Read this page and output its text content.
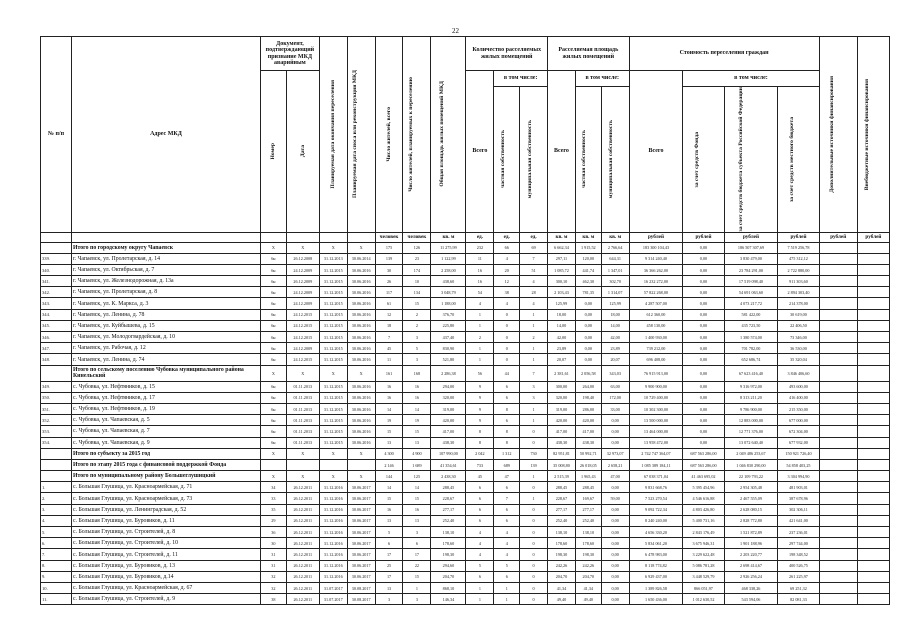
22
№ п/п	Адрес МКД	Документ, подтверждающий признание МКД аварийным		Планируемая дата окончания переселения	Планируемая дата сноса или реконструкции МКД	Число жителей, всего	Число жителей, планируемых к переселению	Общая площадь жилых помещений МКД	Количество расселяемых жилых помещений			Расселяемая площадь жилых помещений			Стоимость переселения граждан				Дополнительные источники финансирования	Внебюджетные источники финансирования

		Номер	Дата						Всего	в том числе:		Всего	в том числе:		Всего	в том числе:				

										частная собственность	муниципальная собственность		частная собственность	муниципальная собственность		за счет средств Фонда	за счет средств бюджета субъекта Российской Федерации	за счет средств местного бюджета		

						человек	человек	кв. м	ед.	ед.	ед.	кв. м	кв. м	кв. м	рублей	рублей	рублей	рублей	рублей	рублей
	Итого по городскому округу Чапаевск	X	X	X	X	175	126	11 275,99	232	66	69	6 662,34	1 915,52	2 766,64	183 300 104,43	0,00	186 507 307,69	7 519 256,78		
339.	г. Чапаевск, ул. Пролетарская, д. 14	6н	26.12.2008	31.12.2013	30.06.2014	139	23	1 122,99	11	4	7	297,11	120,00	644,31	9 314 240,40	0,00	3 830 479,00	475 312,12		
340.	г. Чапаевск, ул. Октябрьская, д. 7	6н	24.12.2009	31.12.2015	30.06.2016	30	174	2 258,00	16	20	51	1 085,72	441,74	1 347,01	36 366 262,00	0,00	23 784 291,00	2 722 880,00		
341.	г. Чапаевск, ул. Железнодорожная, д. 13а	6н	26.12.2009	31.12.2015	30.06.2016	26	10	438,60	16	12	4	300,10	462,30	302,70	16 232 272,00	0,00	17 519 098,40	911 303,60		
342.	г. Чапаевск, ул. Пролетарская, д. 8	6н	24.12.2009	31.12.2015	30.06.2016	117	134	3 048,79	54	38	28	2 103,43	781,35	1 314,07	57 822 268,00	0,00	54 691 063,60	2 894 303,40		
343.	г. Чапаевск, ул. К. Маркса, д. 3	6н	24.12.2009	31.12.2015	30.06.2016	61	15	1 188,00	4	4	4	125,99	0,00	125,99	4 287 507,00	0,00	4 073 217,72	214 378,00		
344.	г. Чапаевск, ул. Ленина, д. 78	6н	24.12.2015	31.12.2015	30.06.2016	12	2	376,70	1	0	1	18,00	0,00	18,00	612 360,00	0,00	581 422,00	30 619,00		
345.	г. Чапаевск, ул. Куйбышева, д. 15	6н	24.12.2015	31.12.2015	30.06.2016	18	2	225,80	1	0	1	14,00	0,00	14,00	458 130,00	0,00	435 723,50	22 406,50		
346.	г. Чапаевск, ул. Молодогвардейская, д. 10	6н	24.12.2015	31.12.2015	30.06.2016	7	3	437,40	2	0	2	42,00	0,00	42,00	1 400 930,00	0,00	1 380 574,00	73 346,00		
347.	г. Чапаевск, ул. Рабочая, д. 12	6н	24.12.2009	31.12.2015	30.06.2016	45	5	830,90	1	0	1	23,89	0,00	23,89	739 212,00	0,00	701 782,00	36 530,00		
348.	г. Чапаевск, ул. Ленина, д. 74	6н	24.12.2015	31.12.2015	30.06.2016	11	3	521,80	1	0	1	20,07	0,00	20,07	696 408,00	0,00	652 686,74	35 320,04		
	Итого по сельскому поселению Чубовка муниципального района Кинельский	X	X	X	X	161	168	2 286,38	56	44	7	2 381,61	2 056,58	343,03	76 915 913,00	0,00	67 623 416,40	3 846 406,60		
349.	с. Чубовка, ул. Нефтяников, д. 15	6н	01.11.2013	31.12.2015	30.06.2016	16	16	294,00	9	6	3	300,00	264,00	63,00	9 900 900,00	0,00	9 316 972,00	493 600,00		
350.	с. Чубовка, ул. Нефтяников, д. 17	6н	01.11.2013	31.12.2015	30.06.2016	16	16	320,00	9	6	3	320,00	198,40	172,00	10 729 400,00	0,00	8 313 211,20	416 400,00		
351.	с. Чубовка, ул. Нефтяников, д. 19	6н	01.11.2013	31.12.2015	30.06.2016	14	14	319,00	9	8	1	319,00	286,00	33,00	10 302 300,00	0,00	9 786 900,00	215 350,00		
352.	с. Чубовка, ул. Чапаевская, д. 5	6н	01.11.2013	31.12.2015	30.06.2016	19	19	420,00	9	6	1	420,00	420,00	0,00	13 500 000,00	0,00	12 883 000,00	677 000,00		
353.	с. Чубовка, ул. Чапаевская, д. 7	6н	01.11.2013	31.12.2015	30.06.2016	15	15	417,00	8	8	0	417,00	417,00	0,00	13 464 000,00	0,00	12 771 376,00	672 304,00		
354.	с. Чубовка, ул. Чапаевская, д. 9	6н	01.11.2013	31.12.2015	30.06.2016	13	13	438,30	8	8	0	438,30	438,30	0,00	13 958 472,00	0,00	13 072 640,40	677 932,00		
	Итого по субъекту за 2015 год	X	X	X	X	4 300	4 900	107 990,00	2 042	1 312	730	82 951,81	50 992,71	32 973,07	2 742 747 364,07	687 563 286,00	2 049 486 253,67	150 921 726,40		
	Итого по этапу 2015 года с финансовой поддержкой Фонда					2 146	1 689	41 354,61	733	689	139	35 008,80	26 018,05	2 658,21	1 085 389 184,11	687 563 286,00	1 046 830 290,00	54 858 403,25		
	Итого по муниципальному району Большеглушицкий	X	X	X	X	144	125	2 438,30	45	47	1	2 515,39	1 965,43	47,00	67 038 371,04	41 463 695,02	22 109 793,22	3 304 994,90		
1.	с. Большая Глушица, ул. Красноармейская, д. 71	34	26.12.2011	31.12.2016	30.06.2017	14	14	288,45	6	6	0	288,45	288,45	0,00	9 831 668,76	5 395 454,96	2 954 305,48	481 903,01		
2.	с. Большая Глушица, ул. Красноармейская, д. 73	33	26.12.2011	31.12.2016	30.06.2017	15	15	228,67	6	7	1	228,67	169,67	59,00	7 523 270,54	4 546 616,88	2 467 555,09	387 678,96		
3.	с. Большая Глушица, ул. Ленинградская, д. 52	35	26.12.2011	31.12.2016	30.06.2017	16	16	277,17	6	6	0	277,17	277,17	0,00	9 092 722,34	4 803 426,80	2 628 080,15	302 306,11		
4.	с. Большая Глушица, ул. Буровиков, д. 11	29	26.12.2011	31.12.2016	30.06.2017	13	13	252,40	6	6	0	252,40	252,40	0,00	8 240 240,00	5 400 731,16	2 828 772,80	421 641,00		
5.	с. Большая Глушица, ул. Строителей, д. 8	36	26.12.2011	31.12.2016	30.06.2017	5	3	138,10	4	4	0	138,10	138,10	0,00	4 656 330,20	2 843 176,49	1 521 872,89	237 236,01		
6.	с. Большая Глушица, ул. Строителей, д. 10	30	26.12.2011	31.12.2016	30.06.2017	6	6	178,60	4	4	0	178,60	178,60	0,00	5 834 061,20	3 675 946,31	1 901 188,96	297 744,00		
7.	с. Большая Глушица, ул. Строителей, д. 11	31	26.12.2011	31.12.2016	30.06.2017	17	17	198,30	4	4	0	198,30	198,30	0,00	6 478 983,00	3 229 622,48	2 203 220,77	198 348,52		
8.	с. Большая Глушица, ул. Буровиков, д. 13	31	26.12.2011	31.12.2016	30.06.2017	25	22	294,60	5	5	0	242,26	242,26	0,00	8 118 774,82	5 086 781,28	2 698 414,67	400 526,75		
9.	с. Большая Глушица, ул. Буровиков, д.14	32	26.12.2011	31.12.2016	30.06.2017	17	15	204,70	6	6	0	204,70	204,70	0,00	6 929 437,00	3 448 529,79	2 926 256,24	261 225,97		
10.	с. Большая Глушица, ул. Красноармейская, д. 67	32	26.12.2011	31.07.2017	30.08.2017	13	1	868,10	1	1	0	41,34	41,34	0,00	1 389 826,58	866 051,97	468 338,26	69 251,32		
11.	с. Большая Глушица, ул. Строителей, д. 9	38	26.12.2011	31.07.2017	30.08.2017	3	3	146,34	1	1	0	49,40	49,40	0,00	1 650 436,00	1 012 630,52	543 594,06	82 081,33		
